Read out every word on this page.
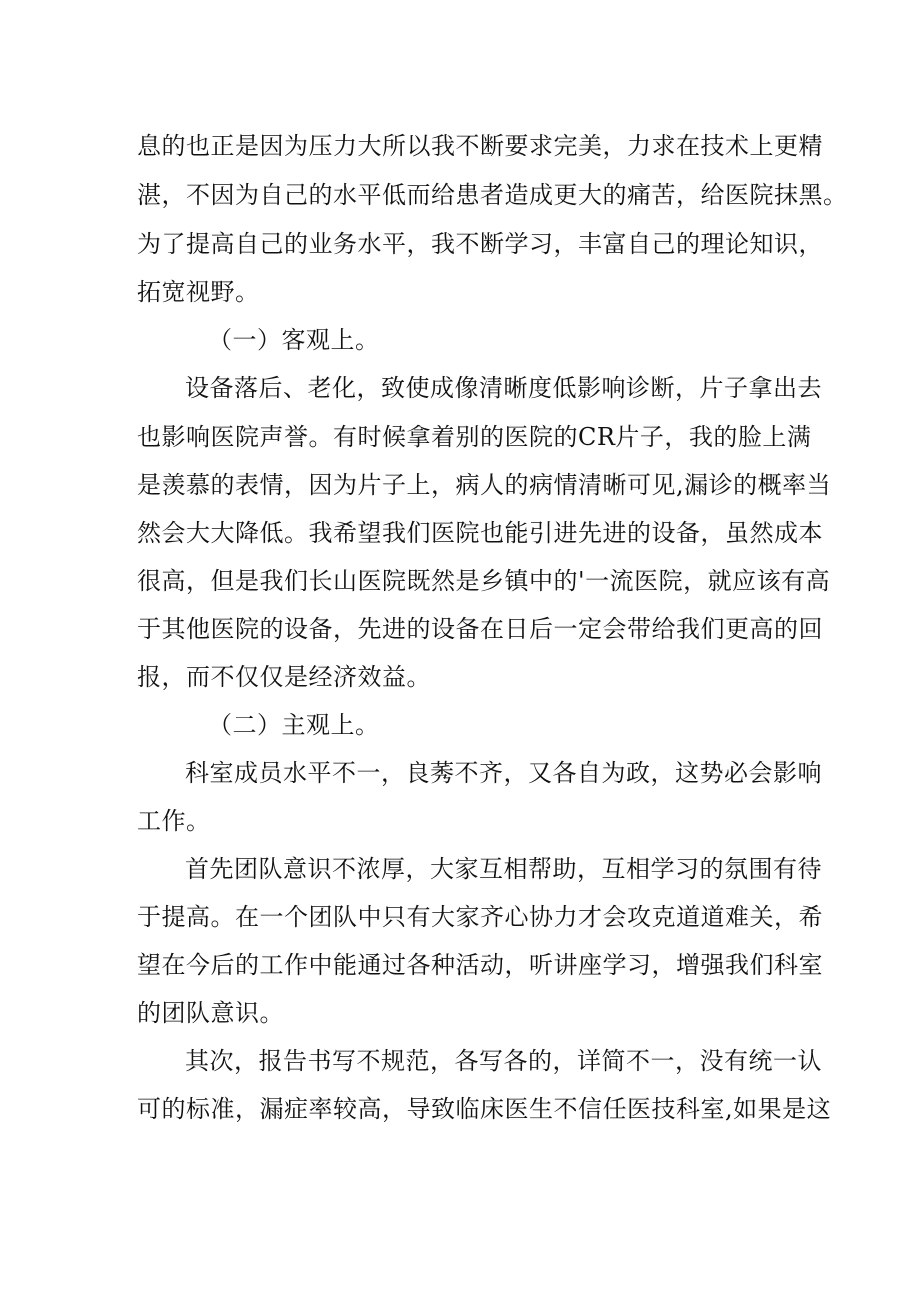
息的也正是因为压力大所以我不断要求完美，力求在技术上更精

湛，不因为自己的水平低而给患者造成更大的痛苦，给医院抹黑。

为了提高自己的业务水平，我不断学习，丰富自己的理论知识，

拓宽视野。

（一）客观上。

设备落后、老化，致使成像清晰度低影响诊断，片子拿出去

也影响医院声誉。有时候拿着别的医院的CR片子，我的脸上满

是羡慕的表情，因为片子上，病人的病情清晰可见,漏诊的概率当

然会大大降低。我希望我们医院也能引进先进的设备，虽然成本

很高，但是我们长山医院既然是乡镇中的'一流医院，就应该有高

于其他医院的设备，先进的设备在日后一定会带给我们更高的回

报，而不仅仅是经济效益。

（二）主观上。

科室成员水平不一，良莠不齐，又各自为政，这势必会影响

工作。

首先团队意识不浓厚，大家互相帮助，互相学习的氛围有待

于提高。在一个团队中只有大家齐心协力才会攻克道道难关，希

望在今后的工作中能通过各种活动，听讲座学习，增强我们科室

的团队意识。

其次，报告书写不规范，各写各的，详简不一，没有统一认

可的标准，漏症率较高，导致临床医生不信任医技科室,如果是这
